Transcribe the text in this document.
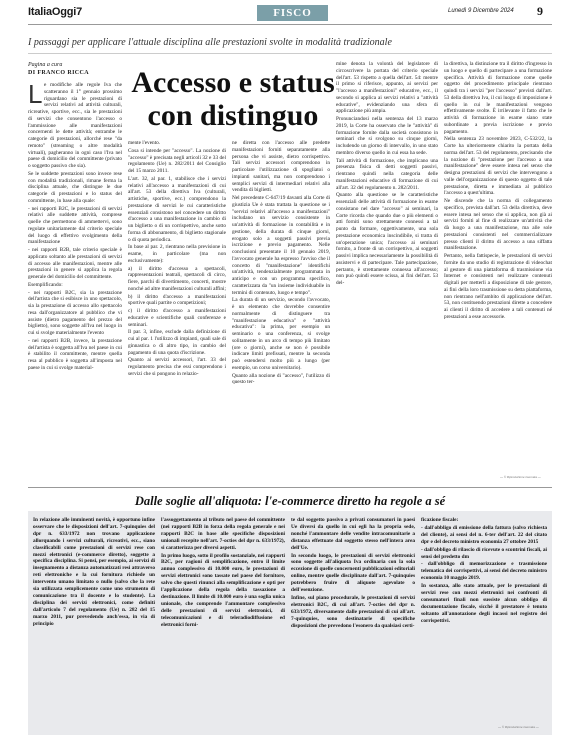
ItaliaOggi7	FISCO	Lunedì 9 Dicembre 2024 9
I passaggi per applicare l'attuale disciplina alle prestazioni svolte in modalità tradizionale
Pagina a cura
DI FRANCO RICCA
L e modifiche alle regole Iva che scatteranno il 1° gennaio prossimo riguardano sia le prestazioni di servizi relativi ad attività culturali, ricreative, sportive, ecc., sia le prestazioni di servizi che consentono l'accesso o l'ammissione alle manifestazioni concernenti le dette attività; entrambe le categorie di prestazioni, allorché rese "da remoto" (streaming o altre modalità virtuali), pagheranno in ogni caso l'Iva nel paese di domicilio del committente (privato o soggetto passivo che sia).

Se le suddette prestazioni sono invece rese con modalità tradizionali, rimane ferma la disciplina attuale, che distingue le due categorie di prestazioni e lo status del committente, in base alla quale:

- nei rapporti B2C, le prestazioni di servizi relativi alle suddette attività, comprese quelle che permettono di ammettervi, sono regolate unitariamente dal criterio speciale del luogo di effettivo svolgimento della manifestazione

- nei rapporti B2B, tale criterio speciale è applicato soltanto alle prestazioni di servizi di accesso alle manifestazioni, mentre alle prestazioni in genere si applica la regola generale del domicilio del committente.

Esemplificando:

- nei rapporti B2C, sia la prestazione dell'artista che si esibisce in uno spettacolo, sia la prestazione di accesso allo spettacolo resa dall'organizzatore al pubblico che vi assiste (dietro pagamento del prezzo del biglietto), sono soggette all'Iva nel luogo in cui si svolge materialmente l'evento

- nei rapporti B2B, invece, la prestazione dell'artista è soggetta all'Iva nel paese in cui è stabilito il committente, mentre quella resa al pubblico è soggetta all'imposta nel paese in cui si svolge material-

Accesso e status con distinguo

mente l'evento.

Cosa si intende per "accesso". La nozione di "accesso" è precisata negli articoli 32 e 33 del regolamento (Ue) n. 282/2011 del Consiglio del 15 marzo 2011.

L'art. 32, al par. 1, stabilisce che i servizi relativi all'accesso a manifestazioni di cui all'art. 53 della direttiva Iva (culturali, artistiche, sportive, ecc.) comprendono la prestazione di servizi le cui caratteristiche essenziali consistono nel concedere un diritto d'accesso a una manifestazione in cambio di un biglietto o di un corrispettivo, anche sotto forma di abbonamento, di biglietto stagionale o di quota periodica.

In base al par. 2, rientrano nella previsione in esame, in particolare (ma non esclusivamente):

a) il diritto d'accesso a spettacoli, rappresentazioni teatrali, spettacoli di circo, fiere, parchi di divertimento, concerti, mostre nonché ad altre manifestazioni culturali affini;

b) il diritto d'accesso a manifestazioni sportive quali partite o competizioni;

c) il diritto d'accesso a manifestazioni educative e scientifiche quali conferenze e seminari.

Il par. 3, infine, esclude dalla definizione di cui al par. 1 l'utilizzo di impianti, quali sale di ginnastica o di altro tipo, in cambio del pagamento di una quota d'iscrizione.

Quanto ai servizi accessori, l'art. 33 del regolamento precisa che essi comprendono i servizi che si pongono in relazio-

ne diretta con l'accesso alle predette manifestazioni forniti separatamente alla persona che vi assiste, dietro corrispettivo. Tali servizi accessori comprendono in particolare l'utilizzazione di spogliatoi o impianti sanitari, ma non comprendono i semplici servizi di intermediari relativi alla vendita di biglietti.

Nel precedente C-647/19 davanti alla Corte di giustizia Ue è stata trattata la questione se i "servizi relativi all'accesso a manifestazioni" includano un servizio consistente in un'attività di formazione in contabilità e in gestione, della durata di cinque giorni, erogato solo a soggetti passivi previa iscrizione e previo pagamento. Nelle conclusioni presentate il 10 gennaio 2019, l'avvocato generale ha espresso l'avviso che il concetto di "manifestazione" identifichi un'attività, tendenzialmente programmata in anticipo e con un programma specifico, caratterizzata da "un insieme individuabile in termini di contenuto, luogo e tempo".

La durata di un servizio, secondo l'avvocato, è un elemento che dovrebbe consentire normalmente di distinguere tra "manifestazione educativa" e "attività educativa": la prima, per esempio un seminario o una conferenza, si svolge solitamente in un arco di tempo più limitato (ore o giorni), anche se non è possibile indicare limiti prefissati, mentre la seconda può estendersi molto più a lungo (per esempio, un corso universitario).

Quanto alla nozione di "accesso", l'utilizzo di questo ter-

mine denota la volontà del legislatore di circoscrivere la portata del criterio speciale dell'art. 53 rispetto a quella dell'art. 54: mentre il primo si riferisce, appunto, ai servizi per "l'accesso a manifestazioni" educative, ecc., il secondo si applica ai servizi relativi a "attività educative", evidenziando una sfera di applicazione più ampia.

Pronunciandosi nella sentenza del 13 marzo 2019, la Corte ha osservato che le "attività" di formazione fornite dalla società consistono in seminari che si svolgono su cinque giorni, includendo un giorno di intervallo, in uno stato membro diverso quello in cui essa ha sede.

Tali attività di formazione, che implicano una presenza fisica di detti soggetti passivi, rientrano quindi nella categoria delle manifestazioni educative di formazione di cui all'art. 32 del regolamento n. 282/2011.

Quanto alla questione se le caratteristiche essenziali delle attività di formazione in esame consistano nel dare "accesso" ai seminari, la Corte ricorda che quando due o più elementi o atti forniti sono strettamente connessi a tal punto da formare, oggettivamente, una sola prestazione economica inscindibile, si tratta di un'operazione unica; l'accesso ai seminari fornito, a fronte di un corrispettivo, ai soggetti passivi implica necessariamente la possibilità di assistervi e di partecipare. Tale partecipazione, pertanto, è strettamente connessa all'accesso; non può quindi essere scissa, ai fini dell'art. 53 del-

la direttiva, la distinzione tra il diritto d'ingresso in un luogo e quello di partecipare a una formazione specifica. Attività di formazione come quelle oggetto del procedimento principale rientrano quindi tra i servizi "per l'accesso" previsti dall'art. 53 della direttiva Iva, il cui luogo di imposizione è quello in cui le manifestazioni vengono effettivamente svolte. È irrilevante il fatto che le attività di formazione in esame siano state subordinate a previa iscrizione e previo pagamento.

Nella sentenza 23 novembre 2023, C-532/22, la Corte ha ulteriormente chiarito la portata della norma dell'art. 53 del regolamento, precisando che la nozione di "prestazione per l'accesso a una manifestazione" deve essere intesa nel senso che designa prestazioni di servizi che intervengono a valle dell'organizzazione di questo oggetto di tale prestazione, diretta e immediata al pubblico l'accesso a quest'ultima.

Ne discende che la norma di collegamento specifico, prevista dall'art. 53 della direttiva, deve essere intesa nel senso che si applica, non già ai servizi forniti al fine di realizzare un'attività che dà luogo a una manifestazione, ma alle sole prestazioni consistenti nel commercializzare presso clienti il diritto di accesso a una siffatta manifestazione.

Pertanto, nella fattispecie, le prestazioni di servizi fornite da uno studio di registrazione di videochat al gestore di una piattaforma di trasmissione via Internet e consistenti nel realizzare contenuti digitali per metterli a disposizione di tale gestore, ai fini della loro trasmissione su detta piattaforma, non rientrano nell'ambito di applicazione dell'art. 53, non costituendo prestazioni dirette a concedere ai clienti il diritto di accedere a tali contenuti né prestazioni a esse accessorie.

— © Riproduzione riservata —
Dalle soglie all'aliquota: l'e-commerce diretto ha regole a sé

In relazione alle imminenti novità, è opportuno infine osservare che le disposizioni dell'art. 7-quinquies del dpr n. 633/1972 non trovano applicazione allorquando i servizi culturali, ricreativi, ecc., siano classificabili come prestazioni di servizi rese con mezzi elettronici (e-commerce diretto), soggette a specifica disciplina. Si pensi, per esempio, ai servizi di insegnamento a distanza automatizzati resi attraverso reti elettroniche e la cui fornitura richiede un intervento umano limitato o nullo (salvo che la rete sia utilizzata semplicemente come uno strumento di comunicazione tra il docente e lo studente). La disciplina dei servizi elettronici, come definiti dall'articolo 7 del regolamento (Ue) n. 282 del 15 marzo 2011, pur prevedendo anch'essa, in via di principio

l'assoggettamento al tributo nel paese del committente (nei rapporti B2B in forza della regola generale e nei rapporti B2C in base alle specifiche disposizioni unionali recepite nell'art. 7-octies del dpr n. 633/1972), si caratterizza per diversi aspetti.

In primo luogo, sotto il profilo sostanziale, nei rapporti B2C, per ragioni di semplificazione, entro il limite annuo complessivo di 10.000 euro, le prestazioni di servizi elettronici sono tassate nel paese del fornitore, salvo che questi rinunci alla semplificazione e opti per l'applicazione della regola della tassazione a destinazione. Il limite di 10.000 euro è una soglia unica unionale, che comprende l'ammontare complessivo delle prestazioni di servizi elettronici, di telecomunicazioni e di teleradiodiffusione ed elettronici forni-

te dal soggetto passivo a privati consumatori in paesi Ue diversi da quello in cui egli ha la propria sede, nonché l'ammontare delle vendite intracomunitarie a distanza effettuate dal soggetto stesso nell'intera area dell'Ue.

In secondo luogo, le prestazioni di servizi elettronici sono soggette all'aliquota Iva ordinaria con la sola eccezione di quelle concernenti pubblicazioni editoriali online, mentre quelle disciplinate dall'art. 7-quinquies potrebbero fruire di aliquote agevolate o dell'esenzione.

Infine, sul piano procedurale, le prestazioni di servizi elettronici B2C, di cui all'art. 7-octies del dpr n. 633/1972, diversamente dalle prestazioni di cui all'art. 7-quinquies, sono destinatarie di specifiche disposizioni che prevedono l'esonero da qualsiasi certi-

ficazione fiscale:

- dall'obbligo di emissione della fattura (salvo richiesta del cliente), ai sensi del n. 6-ter dell'art. 22 del citato dpr e del decreto ministro economia 27 ottobre 2015

- dall'obbligo di rilascio di ricevute o scontrini fiscali, ai sensi del predetto dm

- dall'obbligo di memorizzazione e trasmissione telematica dei corrispettivi, ai sensi del decreto ministro economia 10 maggio 2019.

In sostanza, allo stato attuale, per le prestazioni di servizi rese con mezzi elettronici nei confronti di consumatori finali non sussiste alcun obbligo di documentazione fiscale, sicché il prestatore è tenuto soltanto all'annotazione degli incassi nel registro dei corrispettivi.

— © Riproduzione riservata —
